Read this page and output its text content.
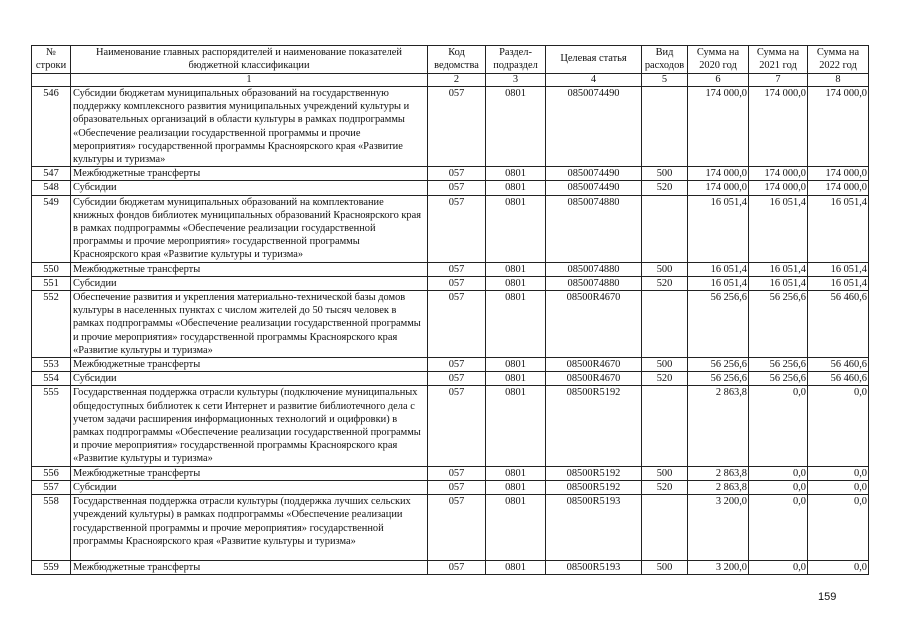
№ строки	Наименование главных распорядителей и наименование показателей бюджетной классификации	Код ведомства	Раздел-подраздел	Целевая статья	Вид расходов	Сумма на 2020 год	Сумма на 2021 год	Сумма на 2022 год
	1	2	3	4	5	6	7	8
546	Субсидии бюджетам муниципальных образований на государственную поддержку комплексного развития муниципальных учреждений культуры и образовательных организаций в области культуры в рамках подпрограммы «Обеспечение реализации государственной программы и прочие мероприятия» государственной программы Красноярского края «Развитие культуры и туризма»	057	0801	0850074490		174 000,0	174 000,0	174 000,0
547	Межбюджетные трансферты	057	0801	0850074490	500	174 000,0	174 000,0	174 000,0
548	Субсидии	057	0801	0850074490	520	174 000,0	174 000,0	174 000,0
549	Субсидии бюджетам муниципальных образований на комплектование книжных фондов библиотек муниципальных образований Красноярского края в рамках подпрограммы «Обеспечение реализации государственной программы и прочие мероприятия» государственной программы Красноярского края «Развитие культуры и туризма»	057	0801	0850074880		16 051,4	16 051,4	16 051,4
550	Межбюджетные трансферты	057	0801	0850074880	500	16 051,4	16 051,4	16 051,4
551	Субсидии	057	0801	0850074880	520	16 051,4	16 051,4	16 051,4
552	Обеспечение развития и укрепления материально-технической базы домов культуры в населенных пунктах с числом жителей до 50 тысяч человек в рамках подпрограммы «Обеспечение реализации государственной программы и прочие мероприятия» государственной программы Красноярского края «Развитие культуры и туризма»	057	0801	08500R4670		56 256,6	56 256,6	56 460,6
553	Межбюджетные трансферты	057	0801	08500R4670	500	56 256,6	56 256,6	56 460,6
554	Субсидии	057	0801	08500R4670	520	56 256,6	56 256,6	56 460,6
555	Государственная поддержка отрасли культуры (подключение муниципальных общедоступных библиотек к сети Интернет и развитие библиотечного дела с учетом задачи расширения информационных технологий и оцифровки) в рамках подпрограммы «Обеспечение реализации государственной программы и прочие мероприятия» государственной программы Красноярского края «Развитие культуры и туризма»	057	0801	08500R5192		2 863,8	0,0	0,0
556	Межбюджетные трансферты	057	0801	08500R5192	500	2 863,8	0,0	0,0
557	Субсидии	057	0801	08500R5192	520	2 863,8	0,0	0,0
558	Государственная поддержка отрасли культуры (поддержка лучших сельских учреждений культуры) в рамках подпрограммы «Обеспечение реализации государственной программы и прочие мероприятия» государственной программы Красноярского края «Развитие культуры и туризма»	057	0801	08500R5193		3 200,0	0,0	0,0
559	Межбюджетные трансферты	057	0801	08500R5193	500	3 200,0	0,0	0,0
159
